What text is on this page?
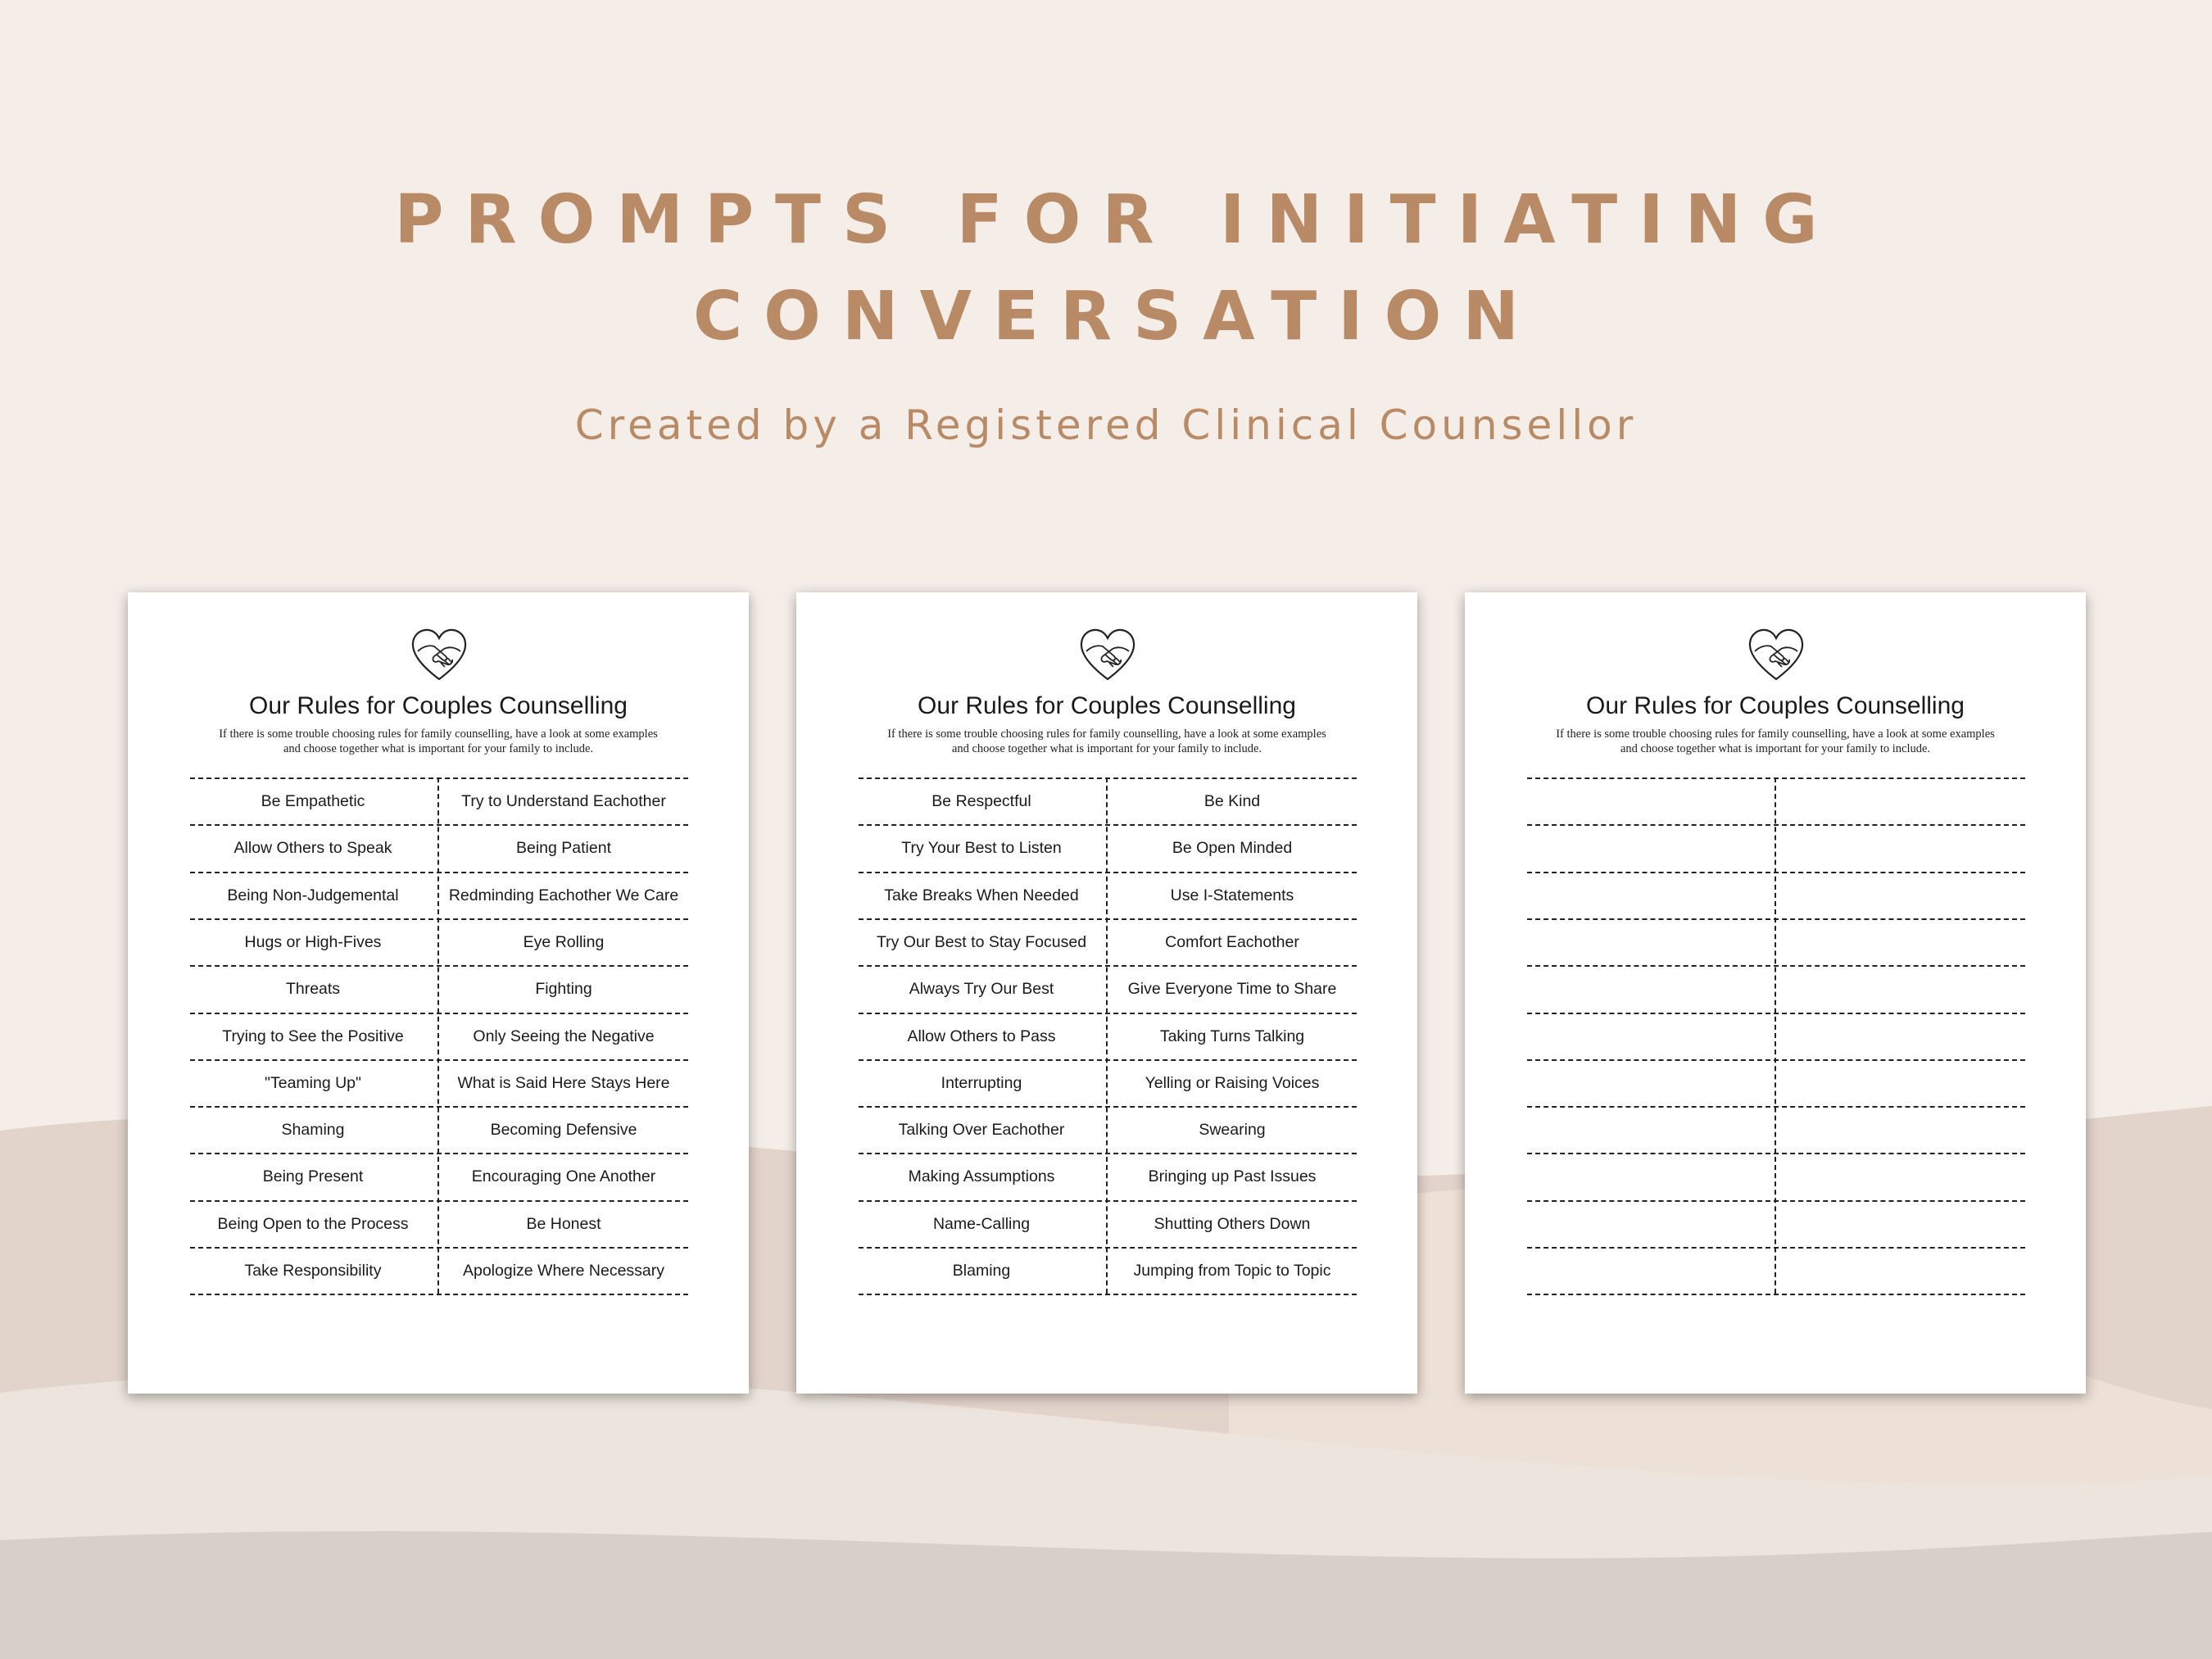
PROMPTS FOR INITIATING
CONVERSATION

Created by a Registered Clinical Counsellor

Our Rules for Couples Counselling
If there is some trouble choosing rules for family counselling, have a look at some examples and choose together what is important for your family to include.
Be Empathetic	Try to Understand Eachother
Allow Others to Speak	Being Patient
Being Non-Judgemental	Redminding Eachother We Care
Hugs or High-Fives	Eye Rolling
Threats	Fighting
Trying to See the Positive	Only Seeing the Negative
"Teaming Up"	What is Said Here Stays Here
Shaming	Becoming Defensive
Being Present	Encouraging One Another
Being Open to the Process	Be Honest
Take Responsibility	Apologize Where Necessary
Our Rules for Couples Counselling
If there is some trouble choosing rules for family counselling, have a look at some examples and choose together what is important for your family to include.
Be Respectful	Be Kind
Try Your Best to Listen	Be Open Minded
Take Breaks When Needed	Use I-Statements
Try Our Best to Stay Focused	Comfort Eachother
Always Try Our Best	Give Everyone Time to Share
Allow Others to Pass	Taking Turns Talking
Interrupting	Yelling or Raising Voices
Talking Over Eachother	Swearing
Making Assumptions	Bringing up Past Issues
Name-Calling	Shutting Others Down
Blaming	Jumping from Topic to Topic
Our Rules for Couples Counselling
If there is some trouble choosing rules for family counselling, have a look at some examples and choose together what is important for your family to include.
